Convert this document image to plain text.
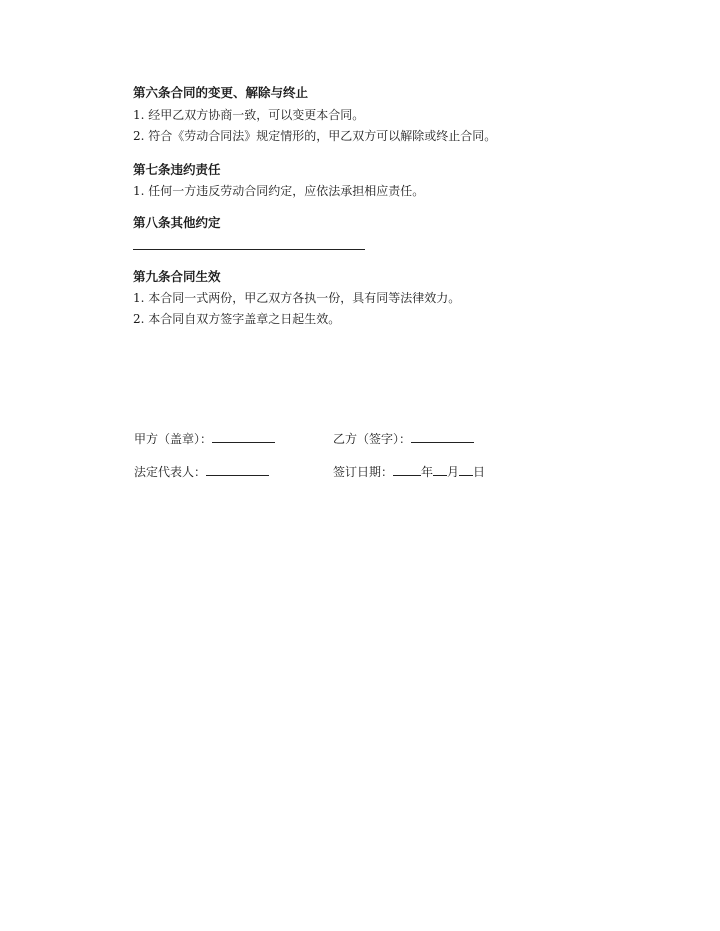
第六条合同的变更、解除与终止
1. 经甲乙双方协商一致，可以变更本合同。
2. 符合《劳动合同法》规定情形的，甲乙双方可以解除或终止合同。
第七条违约责任
1. 任何一方违反劳动合同约定，应依法承担相应责任。
第八条其他约定
第九条合同生效
1. 本合同一式两份，甲乙双方各执一份，具有同等法律效力。
2. 本合同自双方签字盖章之日起生效。
甲方（盖章）：	乙方（签字）：
法定代表人：	签订日期： 年 月 日
